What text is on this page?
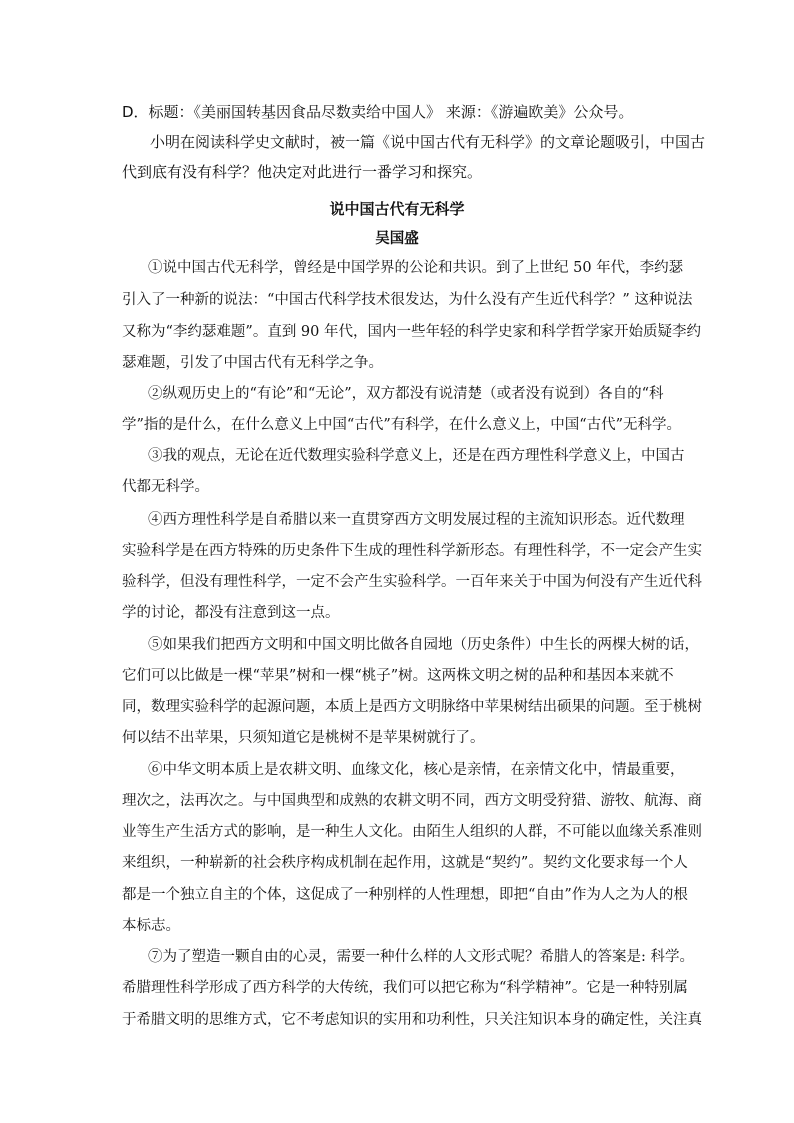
D．标题：《美丽国转基因食品尽数卖给中国人》 来源：《游遍欧美》公众号。
小明在阅读科学史文献时，被一篇《说中国古代有无科学》的文章论题吸引，中国古
代到底有没有科学？他决定对此进行一番学习和探究。
说中国古代有无科学
吴国盛
①说中国古代无科学，曾经是中国学界的公论和共识。到了上世纪 50 年代，李约瑟
引入了一种新的说法：“中国古代科学技术很发达，为什么没有产生近代科学？” 这种说法
又称为“李约瑟难题”。直到 90 年代，国内一些年轻的科学史家和科学哲学家开始质疑李约
瑟难题，引发了中国古代有无科学之争。
②纵观历史上的“有论”和“无论”，双方都没有说清楚（或者没有说到）各自的“科
学”指的是什么，在什么意义上中国“古代”有科学，在什么意义上，中国“古代”无科学。
③我的观点，无论在近代数理实验科学意义上，还是在西方理性科学意义上，中国古
代都无科学。
④西方理性科学是自希腊以来一直贯穿西方文明发展过程的主流知识形态。近代数理
实验科学是在西方特殊的历史条件下生成的理性科学新形态。有理性科学，不一定会产生实
验科学，但没有理性科学，一定不会产生实验科学。一百年来关于中国为何没有产生近代科
学的讨论，都没有注意到这一点。
⑤如果我们把西方文明和中国文明比做各自园地（历史条件）中生长的两棵大树的话，
它们可以比做是一棵“苹果”树和一棵“桃子”树。这两株文明之树的品种和基因本来就不
同，数理实验科学的起源问题，本质上是西方文明脉络中苹果树结出硕果的问题。至于桃树
何以结不出苹果，只须知道它是桃树不是苹果树就行了。
⑥中华文明本质上是农耕文明、血缘文化，核心是亲情，在亲情文化中，情最重要，
理次之，法再次之。与中国典型和成熟的农耕文明不同，西方文明受狩猎、游牧、航海、商
业等生产生活方式的影响，是一种生人文化。由陌生人组织的人群，不可能以血缘关系准则
来组织，一种崭新的社会秩序构成机制在起作用，这就是“契约”。契约文化要求每一个人
都是一个独立自主的个体，这促成了一种别样的人性理想，即把“自由”作为人之为人的根
本标志。
⑦为了塑造一颗自由的心灵，需要一种什么样的人文形式呢？希腊人的答案是: 科学。
希腊理性科学形成了西方科学的大传统，我们可以把它称为“科学精神”。它是一种特别属
于希腊文明的思维方式，它不考虑知识的实用和功利性，只关注知识本身的确定性，关注真
